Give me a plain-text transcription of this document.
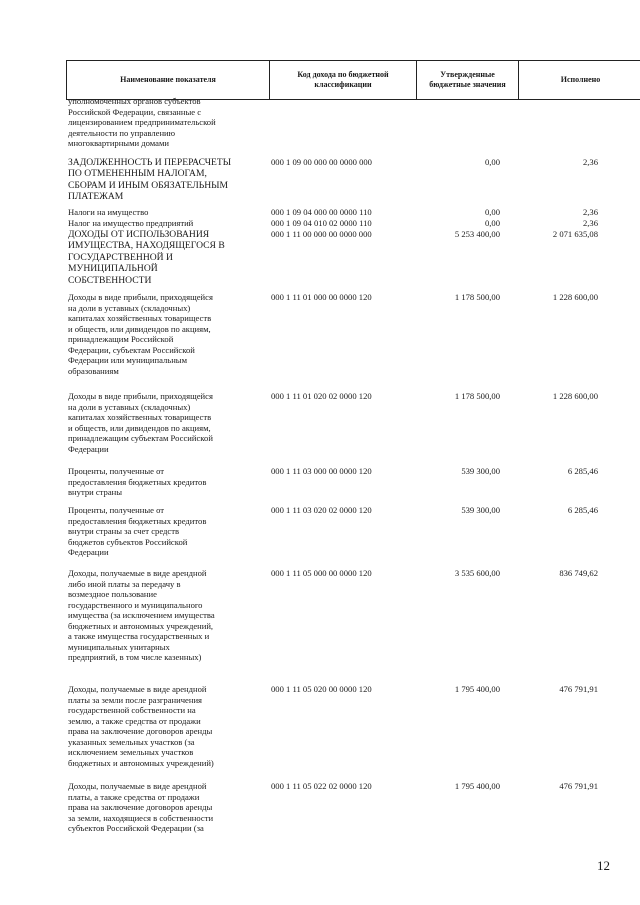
Наименование показателя	Код дохода по бюджетной классификации	Утвержденные бюджетные значения	Исполнено
уполномоченных органов субъектов
Российской Федерации, связанные с
лицензированием предпринимательской
деятельности по управлению
многоквартирными домами
ЗАДОЛЖЕННОСТЬ И ПЕРЕРАСЧЕТЫ
ПО ОТМЕНЕННЫМ НАЛОГАМ,
СБОРАМ И ИНЫМ ОБЯЗАТЕЛЬНЫМ
ПЛАТЕЖАМ
000 1 09 00 000 00 0000 000	0,00	2,36
Налоги на имущество	000 1 09 04 000 00 0000 110	0,00	2,36
Налог на имущество предприятий	000 1 09 04 010 02 0000 110	0,00	2,36
ДОХОДЫ ОТ ИСПОЛЬЗОВАНИЯ
ИМУЩЕСТВА, НАХОДЯЩЕГОСЯ В
ГОСУДАРСТВЕННОЙ И
МУНИЦИПАЛЬНОЙ
СОБСТВЕННОСТИ
000 1 11 00 000 00 0000 000	5 253 400,00	2 071 635,08
Доходы в виде прибыли, приходящейся
на доли в уставных (складочных)
капиталах хозяйственных товариществ
и обществ, или дивидендов по акциям,
принадлежащим Российской
Федерации, субъектам Российской
Федерации или муниципальным
образованиям
000 1 11 01 000 00 0000 120	1 178 500,00	1 228 600,00
Доходы в виде прибыли, приходящейся
на доли в уставных (складочных)
капиталах хозяйственных товариществ
и обществ, или дивидендов по акциям,
принадлежащим субъектам Российской
Федерации
000 1 11 01 020 02 0000 120	1 178 500,00	1 228 600,00
Проценты, полученные от
предоставления бюджетных кредитов
внутри страны
000 1 11 03 000 00 0000 120	539 300,00	6 285,46
Проценты, полученные от
предоставления бюджетных кредитов
внутри страны за счет средств
бюджетов субъектов Российской
Федерации
000 1 11 03 020 02 0000 120	539 300,00	6 285,46
Доходы, получаемые в виде арендной
либо иной платы за передачу в
возмездное пользование
государственного и муниципального
имущества (за исключением имущества
бюджетных и автономных учреждений,
а также имущества государственных и
муниципальных унитарных
предприятий, в том числе казенных)
000 1 11 05 000 00 0000 120	3 535 600,00	836 749,62
Доходы, получаемые в виде арендной
платы за земли после разграничения
государственной собственности на
землю, а также средства от продажи
права на заключение договоров аренды
указанных земельных участков (за
исключением земельных участков
бюджетных и автономных учреждений)
000 1 11 05 020 00 0000 120	1 795 400,00	476 791,91
Доходы, получаемые в виде арендной
платы, а также средства от продажи
права на заключение договоров аренды
за земли, находящиеся в собственности
субъектов Российской Федерации (за
000 1 11 05 022 02 0000 120	1 795 400,00	476 791,91
12
